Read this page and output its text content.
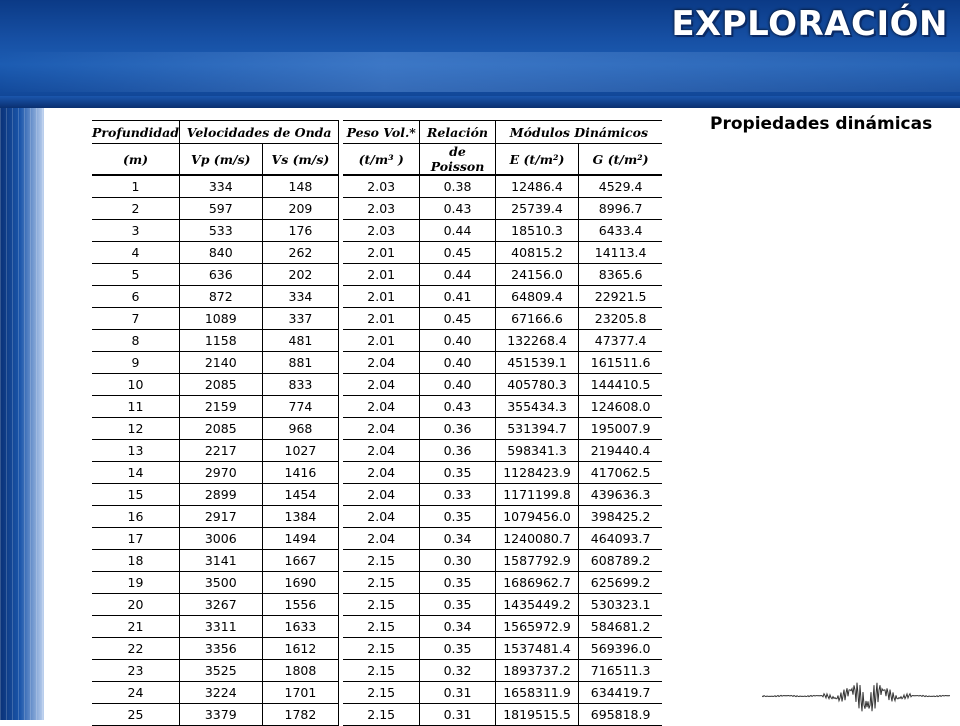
EXPLORACIÓN
Propiedades dinámicas
Profundidad	Velocidades de Onda			Peso Vol.*	Relación	Módulos Dinámicos	
(m)	Vp (m/s)	Vs (m/s)		(t/m³ )	de Poisson	E (t/m²)	G (t/m²)
1	334	148		2.03	0.38	12486.4	4529.4
2	597	209		2.03	0.43	25739.4	8996.7
3	533	176		2.03	0.44	18510.3	6433.4
4	840	262		2.01	0.45	40815.2	14113.4
5	636	202		2.01	0.44	24156.0	8365.6
6	872	334		2.01	0.41	64809.4	22921.5
7	1089	337		2.01	0.45	67166.6	23205.8
8	1158	481		2.01	0.40	132268.4	47377.4
9	2140	881		2.04	0.40	451539.1	161511.6
10	2085	833		2.04	0.40	405780.3	144410.5
11	2159	774		2.04	0.43	355434.3	124608.0
12	2085	968		2.04	0.36	531394.7	195007.9
13	2217	1027		2.04	0.36	598341.3	219440.4
14	2970	1416		2.04	0.35	1128423.9	417062.5
15	2899	1454		2.04	0.33	1171199.8	439636.3
16	2917	1384		2.04	0.35	1079456.0	398425.2
17	3006	1494		2.04	0.34	1240080.7	464093.7
18	3141	1667		2.15	0.30	1587792.9	608789.2
19	3500	1690		2.15	0.35	1686962.7	625699.2
20	3267	1556		2.15	0.35	1435449.2	530323.1
21	3311	1633		2.15	0.34	1565972.9	584681.2
22	3356	1612		2.15	0.35	1537481.4	569396.0
23	3525	1808		2.15	0.32	1893737.2	716511.3
24	3224	1701		2.15	0.31	1658311.9	634419.7
25	3379	1782		2.15	0.31	1819515.5	695818.9
